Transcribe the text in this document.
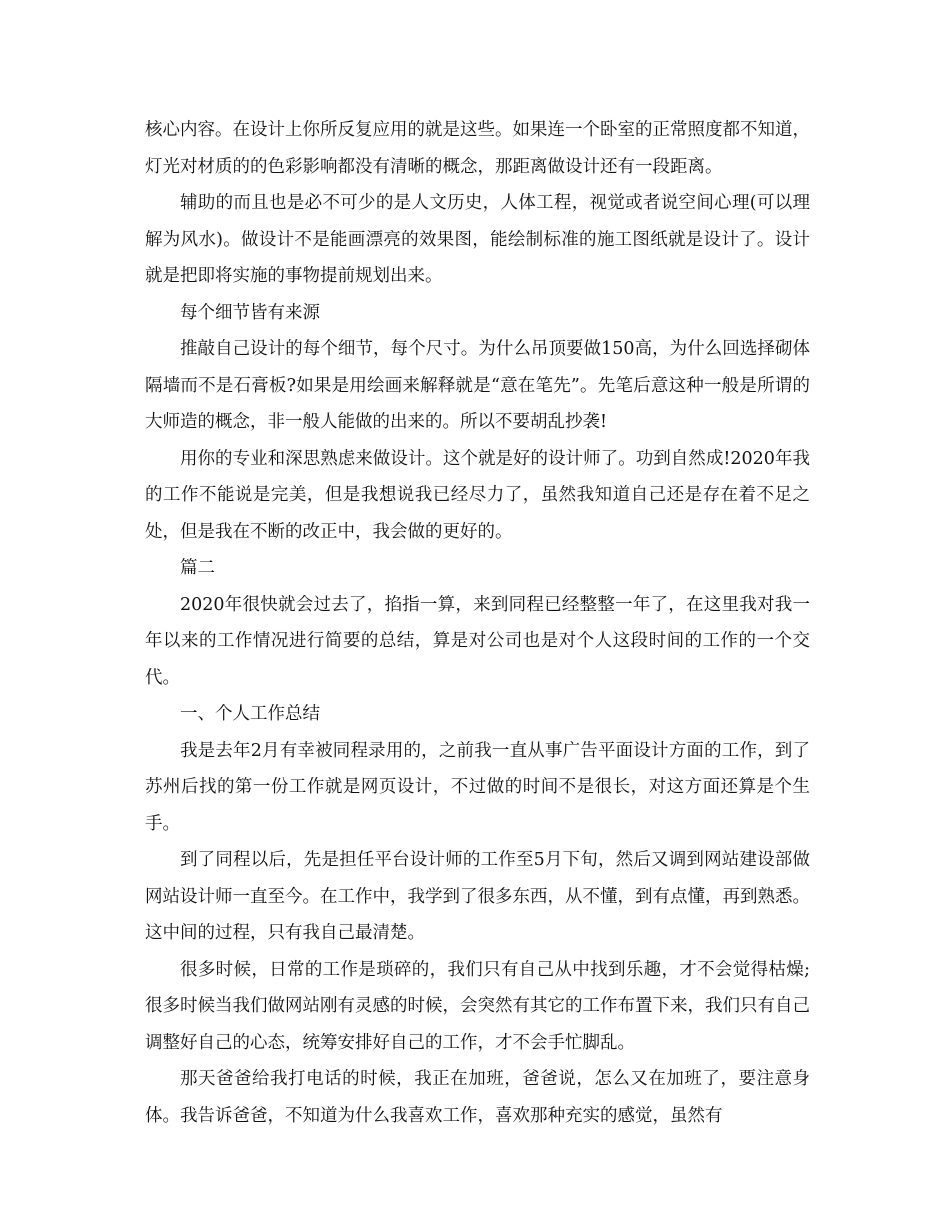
核心内容。在设计上你所反复应用的就是这些。如果连一个卧室的正常照度都不知道，灯光对材质的的色彩影响都没有清晰的概念，那距离做设计还有一段距离。

辅助的而且也是必不可少的是人文历史，人体工程，视觉或者说空间心理(可以理解为风水)。做设计不是能画漂亮的效果图，能绘制标准的施工图纸就是设计了。设计就是把即将实施的事物提前规划出来。

每个细节皆有来源

推敲自己设计的每个细节，每个尺寸。为什么吊顶要做150高，为什么回选择砌体隔墙而不是石膏板?如果是用绘画来解释就是“意在笔先”。先笔后意这种一般是所谓的大师造的概念，非一般人能做的出来的。所以不要胡乱抄袭!

用你的专业和深思熟虑来做设计。这个就是好的设计师了。功到自然成!2020年我的工作不能说是完美，但是我想说我已经尽力了，虽然我知道自己还是存在着不足之处，但是我在不断的改正中，我会做的更好的。

篇二

2020年很快就会过去了，掐指一算，来到同程已经整整一年了，在这里我对我一年以来的工作情况进行简要的总结，算是对公司也是对个人这段时间的工作的一个交代。

一、个人工作总结

我是去年2月有幸被同程录用的，之前我一直从事广告平面设计方面的工作，到了苏州后找的第一份工作就是网页设计，不过做的时间不是很长，对这方面还算是个生手。

到了同程以后，先是担任平台设计师的工作至5月下旬，然后又调到网站建设部做网站设计师一直至今。在工作中，我学到了很多东西，从不懂，到有点懂，再到熟悉。这中间的过程，只有我自己最清楚。

很多时候，日常的工作是琐碎的，我们只有自己从中找到乐趣，才不会觉得枯燥;很多时候当我们做网站刚有灵感的时候，会突然有其它的工作布置下来，我们只有自己调整好自己的心态，统筹安排好自己的工作，才不会手忙脚乱。

那天爸爸给我打电话的时候，我正在加班，爸爸说，怎么又在加班了，要注意身体。我告诉爸爸，不知道为什么我喜欢工作，喜欢那种充实的感觉，虽然有
